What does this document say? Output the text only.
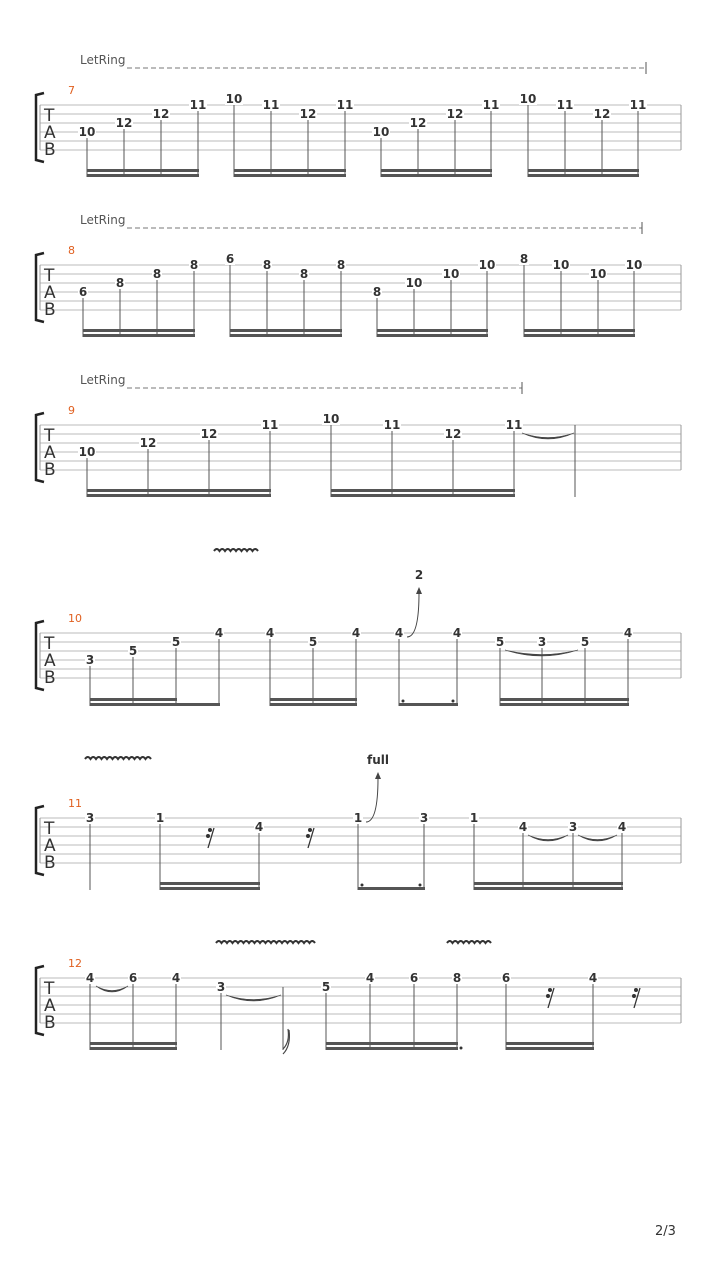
7
LetRing
T
A
B
10
12
12
11 10 11
12
11
10
12
12
11 10 11
12
11
8
LetRing
T
A
B
6
8
8
8 6 8
8
8
8
10
10
10 8 10
10
10
9
LetRing
T
A
B
10
12
12
11	10	11
12
11
10
T
A
B
3
5
5
4	4
5
4	4	4
5	3	5
4
2
11
T
A
B
3	1
4
1	3	1
4	3	4
full
12
T
A
B
4	6	4
3	5
4	6	8	6	4
2/3
